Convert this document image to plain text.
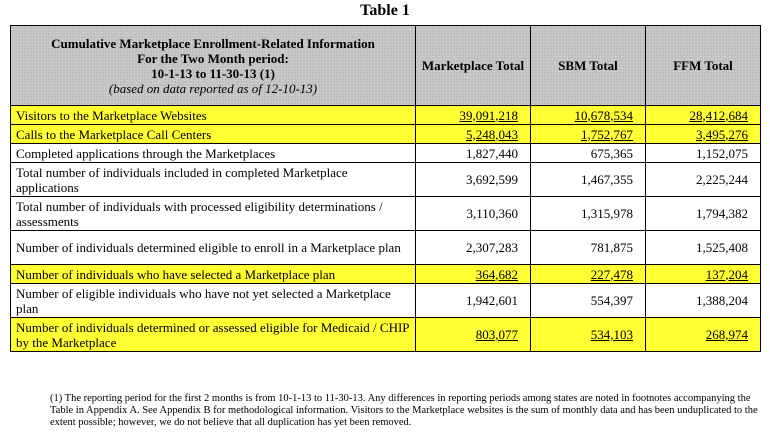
Table 1
Cumulative Marketplace Enrollment-Related Information
For the Two Month period:
10-1-13 to 11-30-13 (1)
(based on data reported as of 12-10-13)	Marketplace Total	SBM Total	FFM Total
Visitors to the Marketplace Websites	39,091,218	10,678,534	28,412,684
Calls to the Marketplace Call Centers	5,248,043	1,752,767	3,495,276
Completed applications through the Marketplaces	1,827,440	675,365	1,152,075
Total number of individuals included in completed Marketplace applications	3,692,599	1,467,355	2,225,244
Total number of individuals with processed eligibility determinations / assessments	3,110,360	1,315,978	1,794,382
Number of individuals determined eligible to enroll in a Marketplace plan	2,307,283	781,875	1,525,408
Number of individuals who have selected a Marketplace plan	364,682	227,478	137,204
Number of eligible individuals who have not yet selected a Marketplace plan	1,942,601	554,397	1,388,204
Number of individuals determined or assessed eligible for Medicaid / CHIP by the Marketplace	803,077	534,103	268,974
(1) The reporting period for the first 2 months is from 10-1-13 to 11-30-13. Any differences in reporting periods among states are noted in footnotes accompanying the Table in Appendix A. See Appendix B for methodological information. Visitors to the Marketplace websites is the sum of monthly data and has been unduplicated to the extent possible; however, we do not believe that all duplication has yet been removed.
